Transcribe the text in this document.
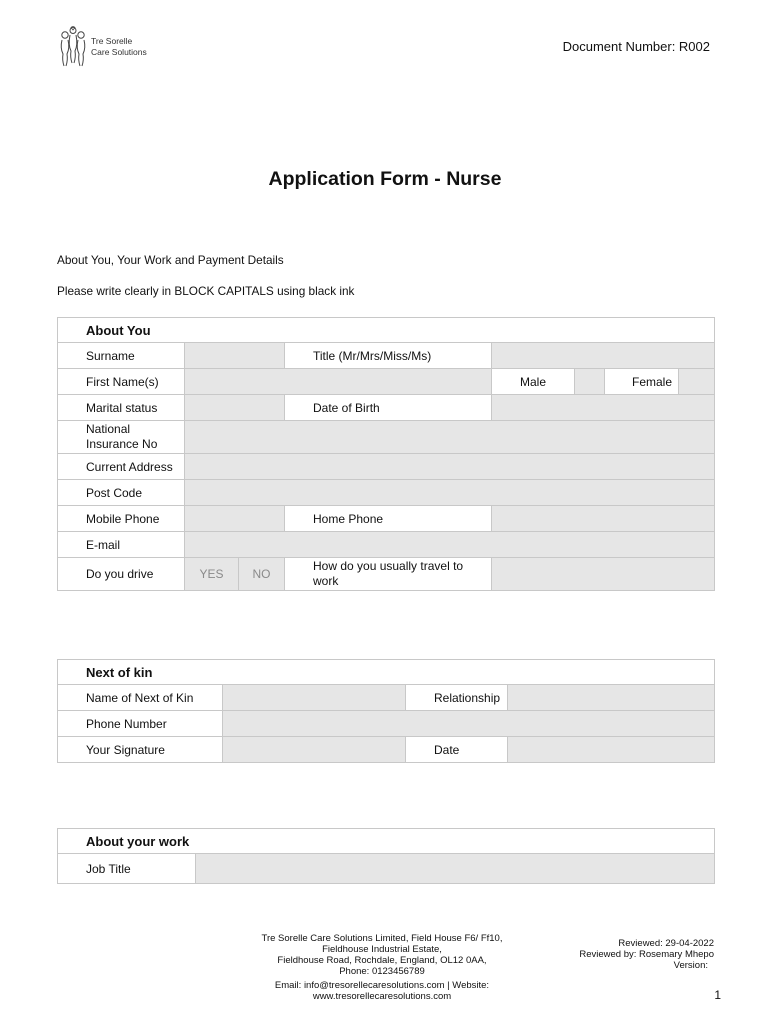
Tre Sorelle
Care Solutions	Document Number: R002
Application Form - Nurse
About You, Your Work and Payment Details
Please write clearly in BLOCK CAPITALS using black ink
About You							
Surname			Title (Mr/Mrs/Miss/Ms)				
First Name(s)				Male		Female	
Marital status			Date of Birth				

National
Insurance No							

Current Address							
Post Code							
Mobile Phone			Home Phone				
E-mail							
Do you drive	YES	NO	How do you usually travel to
work				

Next of kin			
Name of Next of Kin		Relationship	
Phone Number			
Your Signature		Date	
About your work
Job Title	
Tre Sorelle Care Solutions Limited, Field House F6/ Ff10,
Fieldhouse Industrial Estate,
Fieldhouse Road, Rochdale, England, OL12 0AA,
Phone: 0123456789
Email: info@tresorellecaresolutions.com | Website:
www.tresorellecaresolutions.com
Reviewed: 29-04-2022
Reviewed by: Rosemary Mhepo
Version:
1
